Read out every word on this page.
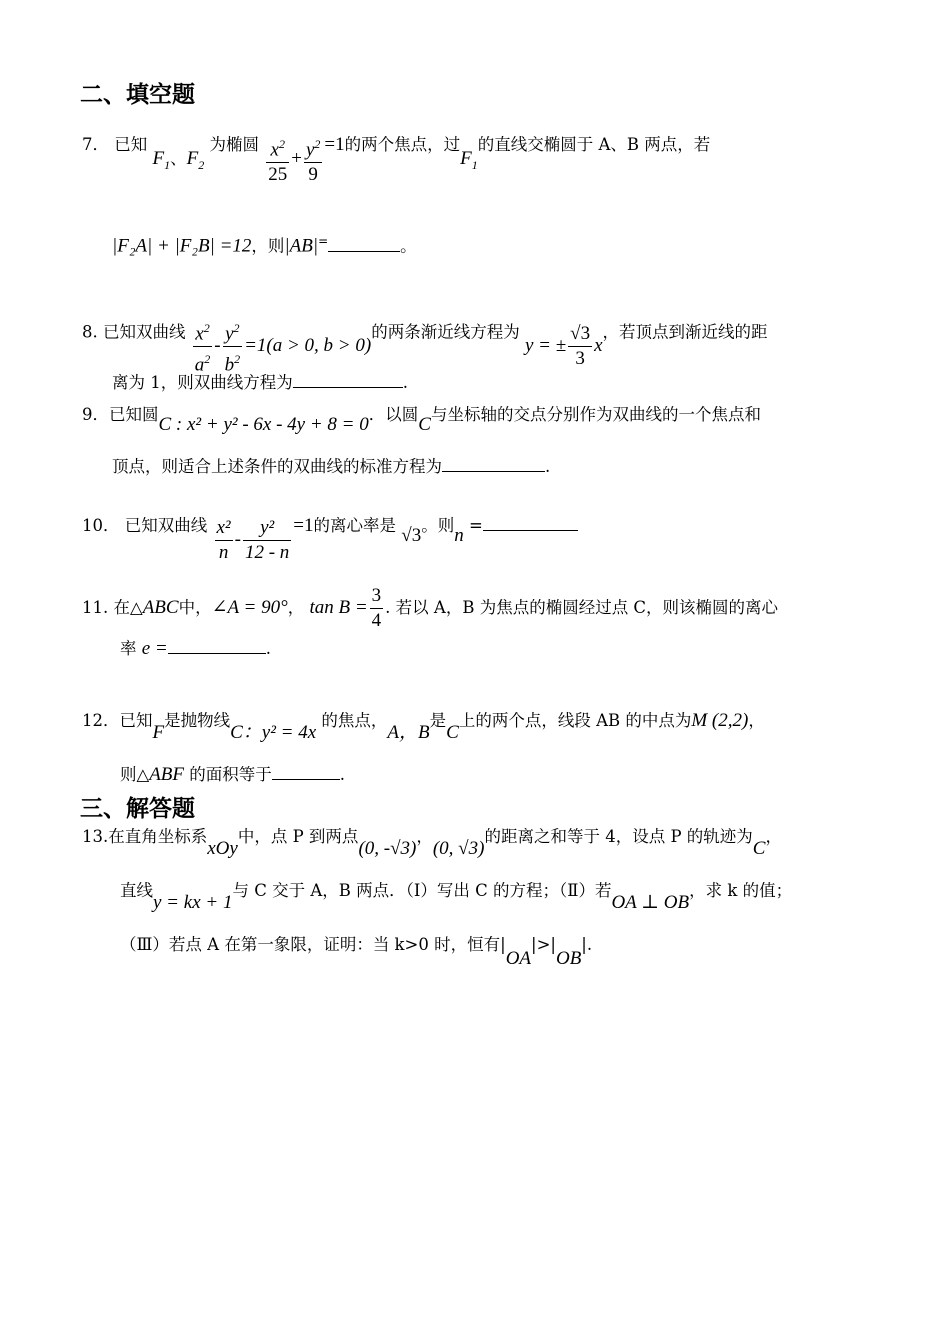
二、填空题
7． 已知 $F_1$、$F_2$ 为椭圆 $\frac{x^2}{25} + \frac{y^2}{9} =1$的两个焦点，过$F_1$的直线交椭圆于 A、B 两点，若
|F₂A| + |F₂B| =12，则|AB|=	。
8. 已知双曲线 $\frac{x^2}{a^2} - \frac{y^2}{b^2} =1(a > 0$, b > 0)的两条渐近线方程为 y = ± $\frac{√3}{3}$ x，若顶点到渐近线的距
离为 1，则双曲线方程为	.
9．已知圆C : x² + y² - 6x - 4y + 8 = 0．以圆C与坐标轴的交点分别作为双曲线的一个焦点和
顶点，则适合上述条件的双曲线的标准方程为	.
10． 已知双曲线 $\frac{\text{x²}}{n} - \frac{\text{y²}}{12 - n} =1$的离心率是 √3。则n =
11. 在△ABC中，∠A = 90°， $\tan B = \frac{3}{4}$ . 若以 A，B 为焦点的椭圆经过点 C，则该椭圆的离心
率 e =	.
12．已知F是抛物线C：y² = 4x 的焦点，A，B是C上的两个点，线段 AB 的中点为M (2,2)，
则△ABF 的面积等于	.
三、解答题
13.在直角坐标系xOy中，点 P 到两点(0, -√3)，(0, √3)的距离之和等于 4，设点 P 的轨迹为C，
直线y = kx + 1与 C 交于 A，B 两点．（Ⅰ）写出 C 的方程；（Ⅱ）若OA ⊥ OB，求 k 的值；
（Ⅲ）若点 A 在第一象限，证明：当 k>0 时，恒有|OA|>|OB|.
